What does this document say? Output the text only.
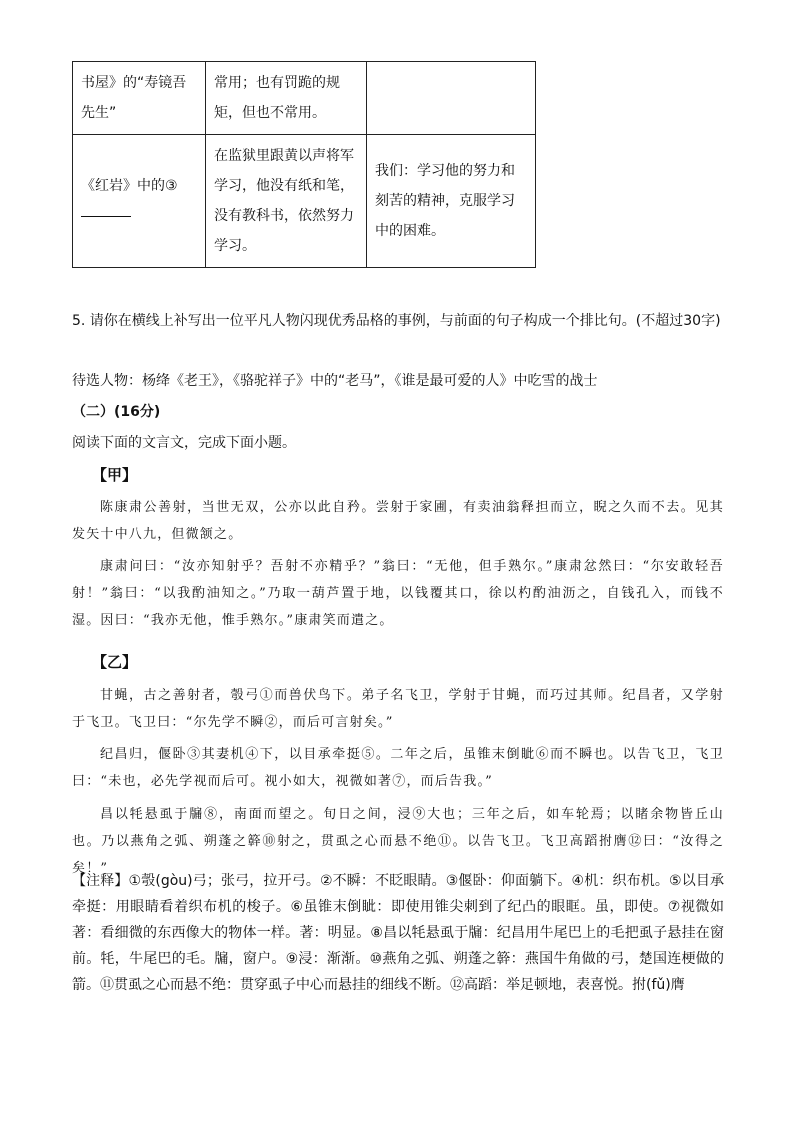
书屋》的“寿镜吾先生”	常用；也有罚跪的规矩，但也不常用。	
《红岩》中的③	在监狱里跟黄以声将军学习，他没有纸和笔，没有教科书，依然努力学习。	我们：学习他的努力和刻苦的精神，克服学习中的困难。
5. 请你在横线上补写出一位平凡人物闪现优秀品格的事例，与前面的句子构成一个排比句。(不超过30字)
待选人物：杨绛《老王》，《骆驼祥子》中的“老马”，《谁是最可爱的人》中吃雪的战士
（二）(16分)
阅读下面的文言文，完成下面小题。
【甲】
陈康肃公善射，当世无双，公亦以此自矜。尝射于家圃，有卖油翁释担而立，睨之久而不去。见其发矢十中八九，但微颔之。
康肃问曰：“汝亦知射乎？吾射不亦精乎？”翁曰：“无他，但手熟尔。”康肃忿然曰：“尔安敢轻吾射！”翁曰：“以我酌油知之。”乃取一葫芦置于地，以钱覆其口，徐以杓酌油沥之，自钱孔入，而钱不湿。因曰：“我亦无他，惟手熟尔。”康肃笑而遣之。
【乙】
甘蝇，古之善射者，彀弓①而兽伏鸟下。弟子名飞卫，学射于甘蝇，而巧过其师。纪昌者，又学射于飞卫。飞卫曰：“尔先学不瞬②，而后可言射矣。”
纪昌归，偃卧③其妻机④下，以目承牵挺⑤。二年之后，虽锥末倒眦⑥而不瞬也。以告飞卫，飞卫曰：“未也，必先学视而后可。视小如大，视微如著⑦，而后告我。”
昌以牦悬虱于牖⑧，南面而望之。旬日之间，浸⑨大也；三年之后，如车轮焉；以睹余物皆丘山也。乃以燕角之弧、朔蓬之簳⑩射之，贯虱之心而悬不绝⑪。以告飞卫。飞卫高蹈拊膺⑫曰：“汝得之矣！”
【注释】①彀(gòu)弓；张弓，拉开弓。②不瞬：不眨眼睛。③偃卧：仰面躺下。④机：织布机。⑤以目承牵挺：用眼睛看着织布机的梭子。⑥虽锥末倒眦：即使用锥尖刺到了纪凸的眼眶。虽，即使。⑦视微如著：看细微的东西像大的物体一样。著：明显。⑧昌以牦悬虱于牖：纪昌用牛尾巴上的毛把虱子悬挂在窗前。牦，牛尾巴的毛。牖，窗户。⑨浸：渐渐。⑩燕角之弧、朔蓬之簳：燕国牛角做的弓，楚国连梗做的箭。⑪贯虱之心而悬不绝：贯穿虱子中心而悬挂的细线不断。⑫高蹈：举足顿地，表喜悦。拊(fǔ)膺
